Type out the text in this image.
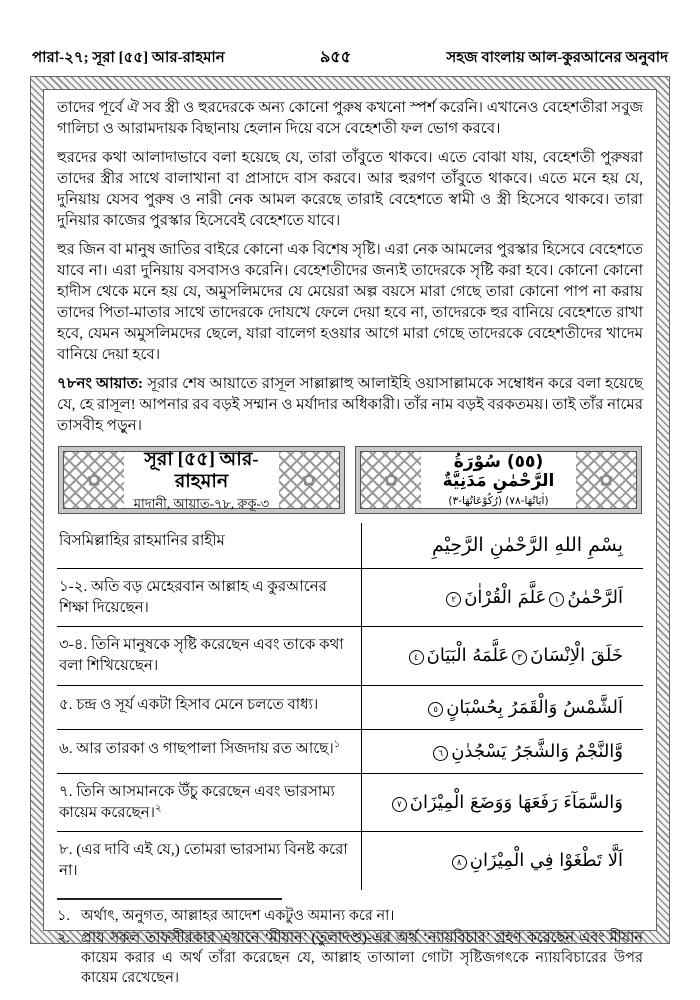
পারা-২৭; সূরা [৫৫] আর-রাহমান	৯৫৫	সহজ বাংলায় আল-কুরআনের অনুবাদ

তাদের পূর্বে ঐ সব স্ত্রী ও হুরদেরকে অন্য কোনো পুরুষ কখনো স্পর্শ করেনি। এখানেও বেহেশতীরা সবুজ গালিচা ও আরামদায়ক বিছানায় হেলান দিয়ে বসে বেহেশতী ফল ভোগ করবে।

হুরদের কথা আলাদাভাবে বলা হয়েছে যে, তারা তাঁবুতে থাকবে। এতে বোঝা যায়, বেহেশতী পুরুষরা তাদের স্ত্রীর সাথে বালাখানা বা প্রাসাদে বাস করবে। আর হুরগণ তাঁবুতে থাকবে। এতে মনে হয় যে, দুনিয়ায় যেসব পুরুষ ও নারী নেক আমল করেছে তারাই বেহেশতে স্বামী ও স্ত্রী হিসেবে থাকবে। তারা দুনিয়ার কাজের পুরস্কার হিসেবেই বেহেশতে যাবে।

হুর জিন বা মানুষ জাতির বাইরে কোনো এক বিশেষ সৃষ্টি। এরা নেক আমলের পুরস্কার হিসেবে বেহেশতে যাবে না। এরা দুনিয়ায় বসবাসও করেনি। বেহেশতীদের জন্যই তাদেরকে সৃষ্টি করা হবে। কোনো কোনো হাদীস থেকে মনে হয় যে, অমুসলিমদের যে মেয়েরা অল্প বয়সে মারা গেছে তারা কোনো পাপ না করায় তাদের পিতা-মাতার সাথে তাদেরকে দোযখে ফেলে দেয়া হবে না, তাদেরকে হুর বানিয়ে বেহেশতে রাখা হবে, যেমন অমুসলিমদের ছেলে, যারা বালেগ হওয়ার আগে মারা গেছে তাদেরকে বেহেশতীদের খাদেম বানিয়ে দেয়া হবে।

৭৮নং আয়াত: সূরার শেষ আয়াতে রাসূল সাল্লাল্লাহু আলাইহি ওয়াসাল্লামকে সম্বোধন করে বলা হয়েছে যে, হে রাসূল! আপনার রব বড়ই সম্মান ও মর্যাদার অধিকারী। তাঁর নাম বড়ই বরকতময়। তাই তাঁর নামের তাসবীহ পড়ুন।

✿
সূরা [৫৫] আর-রাহমান
মাদানী, আয়াত-৭৮, রুকূ-৩
✿	✿
(٥٥) سُوْرَةُ الرَّحْمٰنِ مَدَنِيَّةٌ
(اٰيَاتُهَا-٧٨) (رُكُوْعَاتُهَا-٣)
✿
বিসমিল্লাহির রাহমানির রাহীম	بِسْمِ اللهِ الرَّحْمٰنِ الرَّحِيْمِ
১-২. অতি বড় মেহেরবান আল্লাহ এ কুরআনের শিক্ষা দিয়েছেন।	اَلرَّحْمٰنُ١عَلَّمَ الْقُرْاٰنَ٢
৩-৪. তিনি মানুষকে সৃষ্টি করেছেন এবং তাকে কথা বলা শিখিয়েছেন।	خَلَقَ الْاِنْسَانَ٣عَلَّمَهُ الْبَيَانَ٤
৫. চন্দ্র ও সূর্য একটা হিসাব মেনে চলতে বাধ্য।	اَلشَّمْسُ وَالْقَمَرُ بِحُسْبَانٍ٥
৬. আর তারকা ও গাছপালা সিজদায় রত আছে।$^১$	وَّالنَّجْمُ وَالشَّجَرُ يَسْجُدٰنِ٦
৭. তিনি আসমানকে উঁচু করেছেন এবং ভারসাম্য কায়েম করেছেন।$^২$	وَالسَّمَآءَ رَفَعَهَا وَوَضَعَ الْمِيْزَانَ٧
৮. (এর দাবি এই যে,) তোমরা ভারসাম্য বিনষ্ট করো না।	اَلَّا تَطْغَوْا فِي الْمِيْزَانِ٨
১. অর্থাৎ, অনুগত, আল্লাহর আদেশ একটুও অমান্য করে না।
২. প্রায় সকল তাফসীরকার এখানে ‘মীযান’ (তুলাদণ্ড)-এর অর্থ ‘ন্যায়বিচার’ গ্রহণ করেছেন এবং মীযান কায়েম করার এ অর্থ তাঁরা করেছেন যে, আল্লাহ তাআলা গোটা সৃষ্টিজগৎকে ন্যায়বিচারের উপর কায়েম রেখেছেন।
